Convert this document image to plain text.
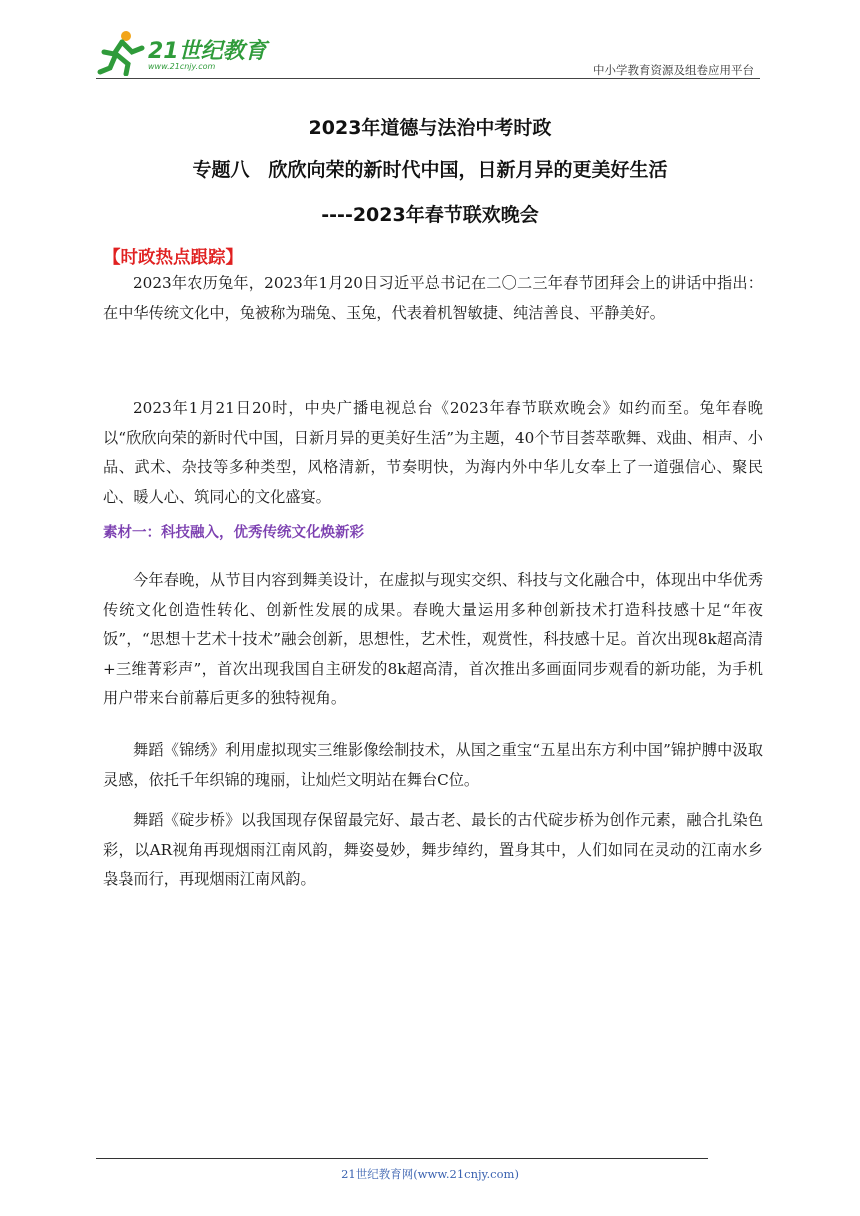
21世纪教育
www.21cnjy.com	中小学教育资源及组卷应用平台
2023年道德与法治中考时政
专题八　欣欣向荣的新时代中国，日新月异的更美好生活
----2023年春节联欢晚会
【时政热点跟踪】

2023年农历兔年，2023年1月20日习近平总书记在二〇二三年春节团拜会上的讲话中指出：在中华传统文化中，兔被称为瑞兔、玉兔，代表着机智敏捷、纯洁善良、平静美好。

2023年1月21日20时，中央广播电视总台《2023年春节联欢晚会》如约而至。兔年春晚以“欣欣向荣的新时代中国，日新月异的更美好生活”为主题，40个节目荟萃歌舞、戏曲、相声、小品、武术、杂技等多种类型，风格清新，节奏明快，为海内外中华儿女奉上了一道强信心、聚民心、暖人心、筑同心的文化盛宴。

素材一：科技融入，优秀传统文化焕新彩

今年春晚，从节目内容到舞美设计，在虚拟与现实交织、科技与文化融合中，体现出中华优秀传统文化创造性转化、创新性发展的成果。春晚大量运用多种创新技术打造科技感十足“年夜饭”，“思想十艺术十技术”融会创新，思想性，艺术性，观赏性，科技感十足。首次出现8k超高清+三维菁彩声”，首次出现我国自主研发的8k超高清，首次推出多画面同步观看的新功能，为手机用户带来台前幕后更多的独特视角。

舞蹈《锦绣》利用虚拟现实三维影像绘制技术，从国之重宝“五星出东方利中国”锦护膊中汲取灵感，依托千年织锦的瑰丽，让灿烂文明站在舞台C位。

舞蹈《碇步桥》以我国现存保留最完好、最古老、最长的古代碇步桥为创作元素，融合扎染色彩，以AR视角再现烟雨江南风韵，舞姿曼妙，舞步绰约，置身其中，人们如同在灵动的江南水乡袅袅而行，再现烟雨江南风韵。

21世纪教育网(www.21cnjy.com)
